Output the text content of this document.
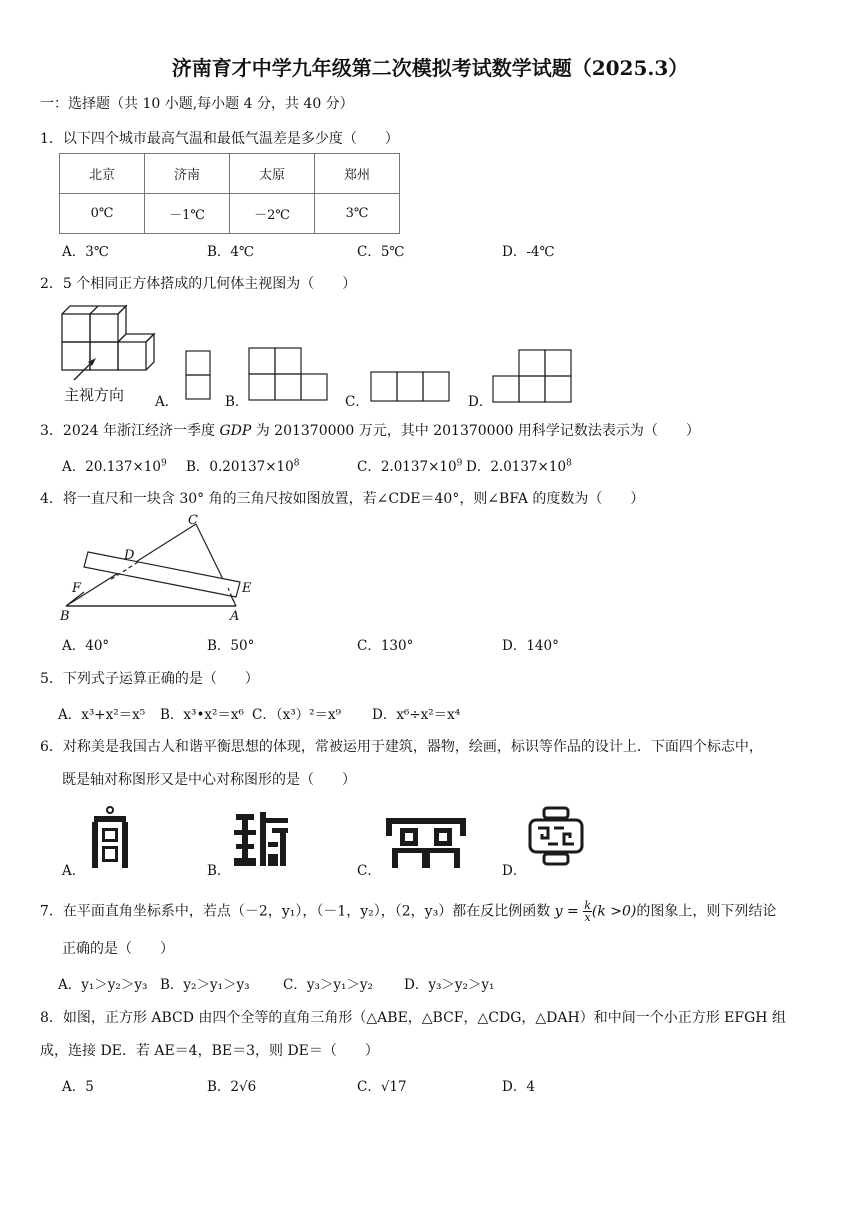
济南育才中学九年级第二次模拟考试数学试题（2025.3）
一：选择题（共 10 小题,每小题 4 分，共 40 分）
1．以下四个城市最高气温和最低气温差是多少度（　　）
北京	济南	太原	郑州
0℃	－1℃	－2℃	3℃
A．3℃	B．4℃	C．5℃	D．-4℃
2．5 个相同正方体搭成的几何体主视图为（　　）
主视方向 A．	B．	C．	D．
3．2024 年浙江经济一季度 GDP 为 201370000 万元，其中 201370000 用科学记数法表示为（　　）
A．$20.137\times 10^9$ B．$0.20137\times 10^8$	C．$2.0137\times 10^9$ D．$2.0137\times 10^8$
4．将一直尺和一块含 30° 角的三角尺按如图放置，若∠CDE＝40°，则∠BFA 的度数为（　　）
C
D
F	E
B	A
A．40°	B．50°	C．130°	D．140°
5．下列式子运算正确的是（　　）
A．x³+x²＝x⁵ B．x³•x²＝x⁶ C．（x³）²＝x⁹ D．x⁶÷x²＝x⁴
6．对称美是我国古人和谐平衡思想的体现，常被运用于建筑，器物，绘画，标识等作品的设计上．下面四个标志中，
既是轴对称图形又是中心对称图形的是（　　）
A．	B．	C．	D．
7．在平面直角坐标系中，若点（－2，y₁），（－1，y₂），（2，y₃）都在反比例函数 $y = \frac{k}{x} (k >0)$的图象上，则下列结论
正确的是（　　）
A．y₁＞y₂＞y₃ B．y₂＞y₁＞y₃ C．y₃＞y₁＞y₂ D．y₃＞y₂＞y₁
8．如图，正方形 ABCD 由四个全等的直角三角形（△ABE，△BCF，△CDG，△DAH）和中间一个小正方形 EFGH 组
成，连接 DE．若 AE＝4，BE＝3，则 DE＝（　　）
A．5	B．2√6	C．√17	D．4
